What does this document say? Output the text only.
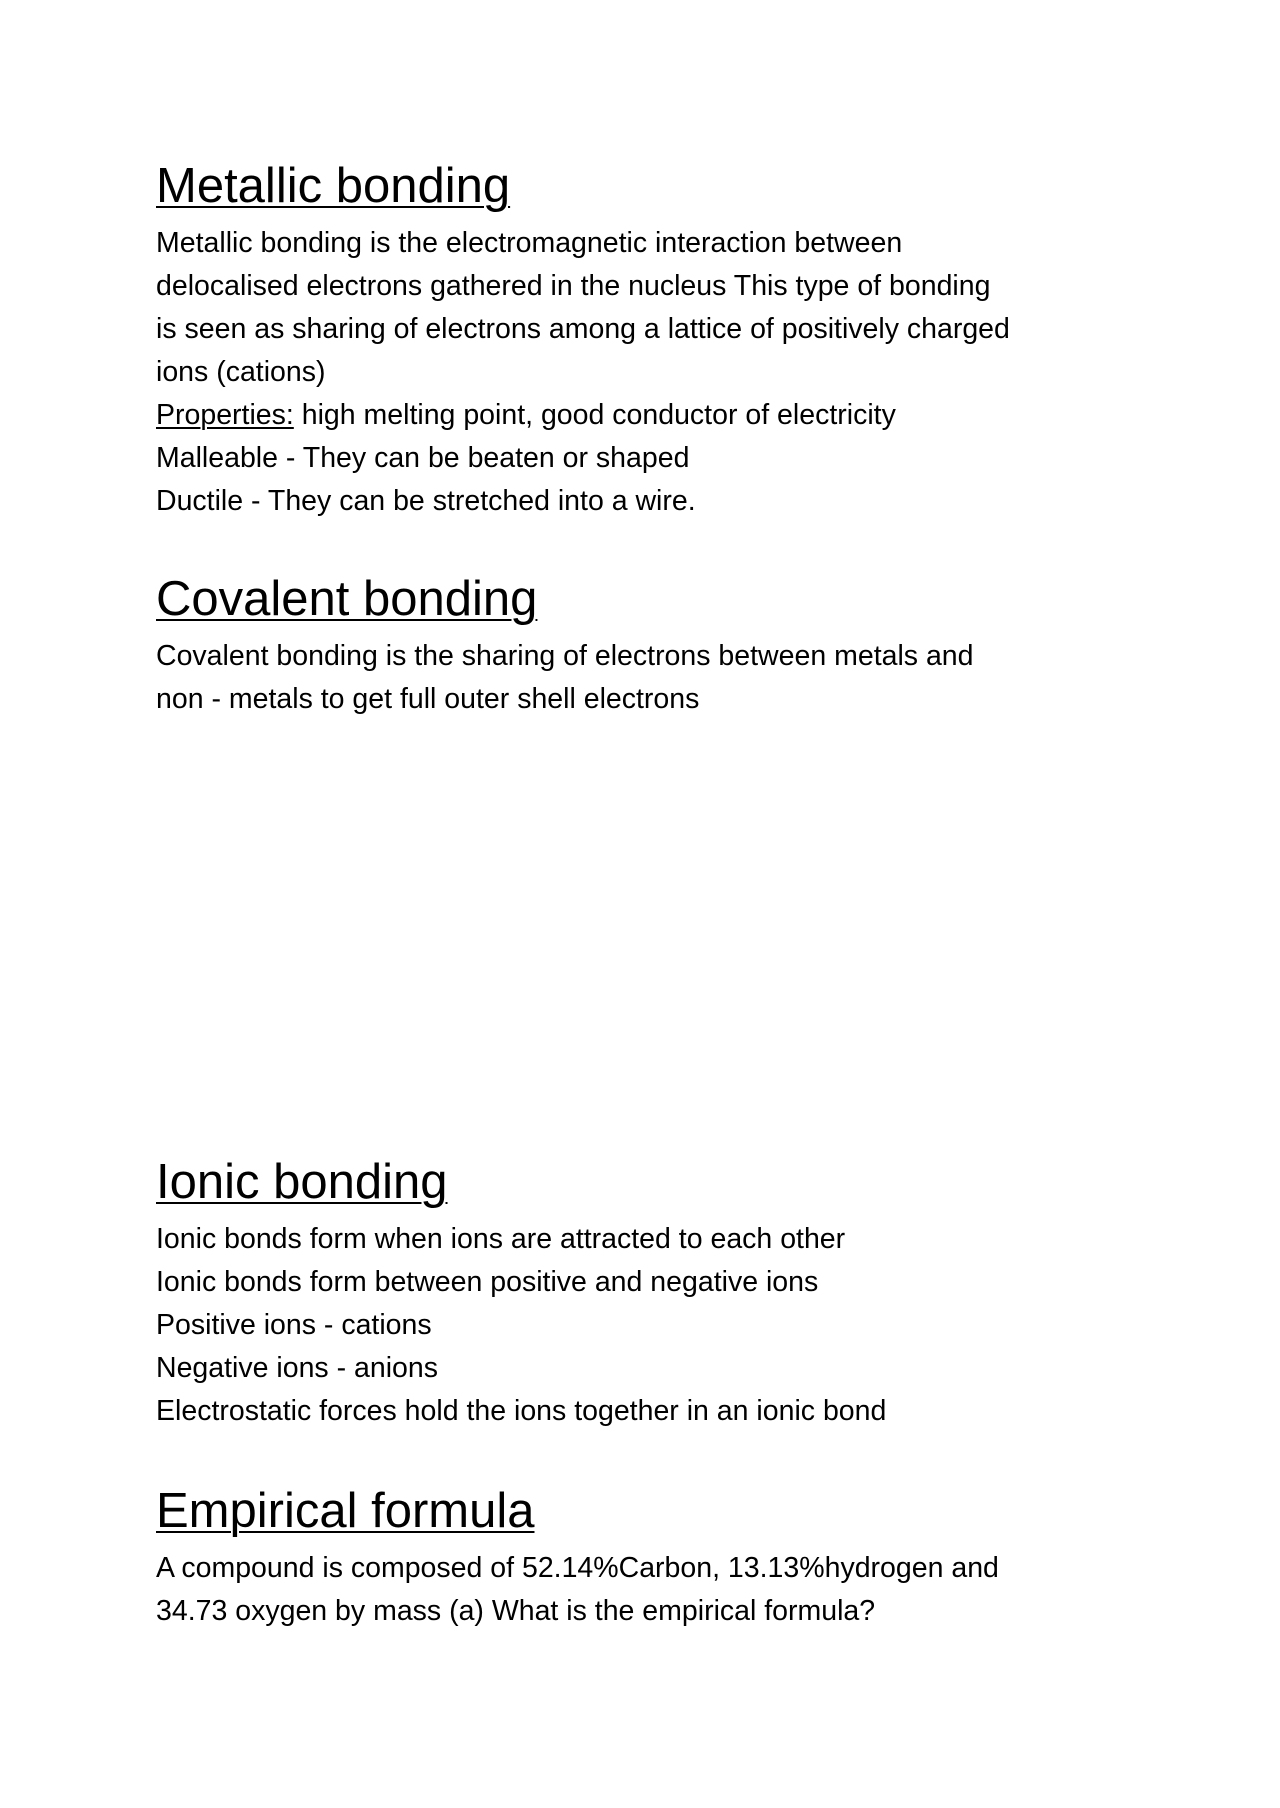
Metallic bonding

Metallic bonding is the electromagnetic interaction between

delocalised electrons gathered in the nucleus This type of bonding

is seen as sharing of electrons among a lattice of positively charged

ions (cations)

Properties: high melting point, good conductor of electricity

Malleable - They can be beaten or shaped

Ductile - They can be stretched into a wire.

Covalent bonding

Covalent bonding is the sharing of electrons between metals and

non - metals to get full outer shell electrons

Ionic bonding

Ionic bonds form when ions are attracted to each other

Ionic bonds form between positive and negative ions

Positive ions - cations

Negative ions - anions

Electrostatic forces hold the ions together in an ionic bond

Empirical formula

A compound is composed of 52.14%Carbon, 13.13%hydrogen and

34.73 oxygen by mass (a) What is the empirical formula?
